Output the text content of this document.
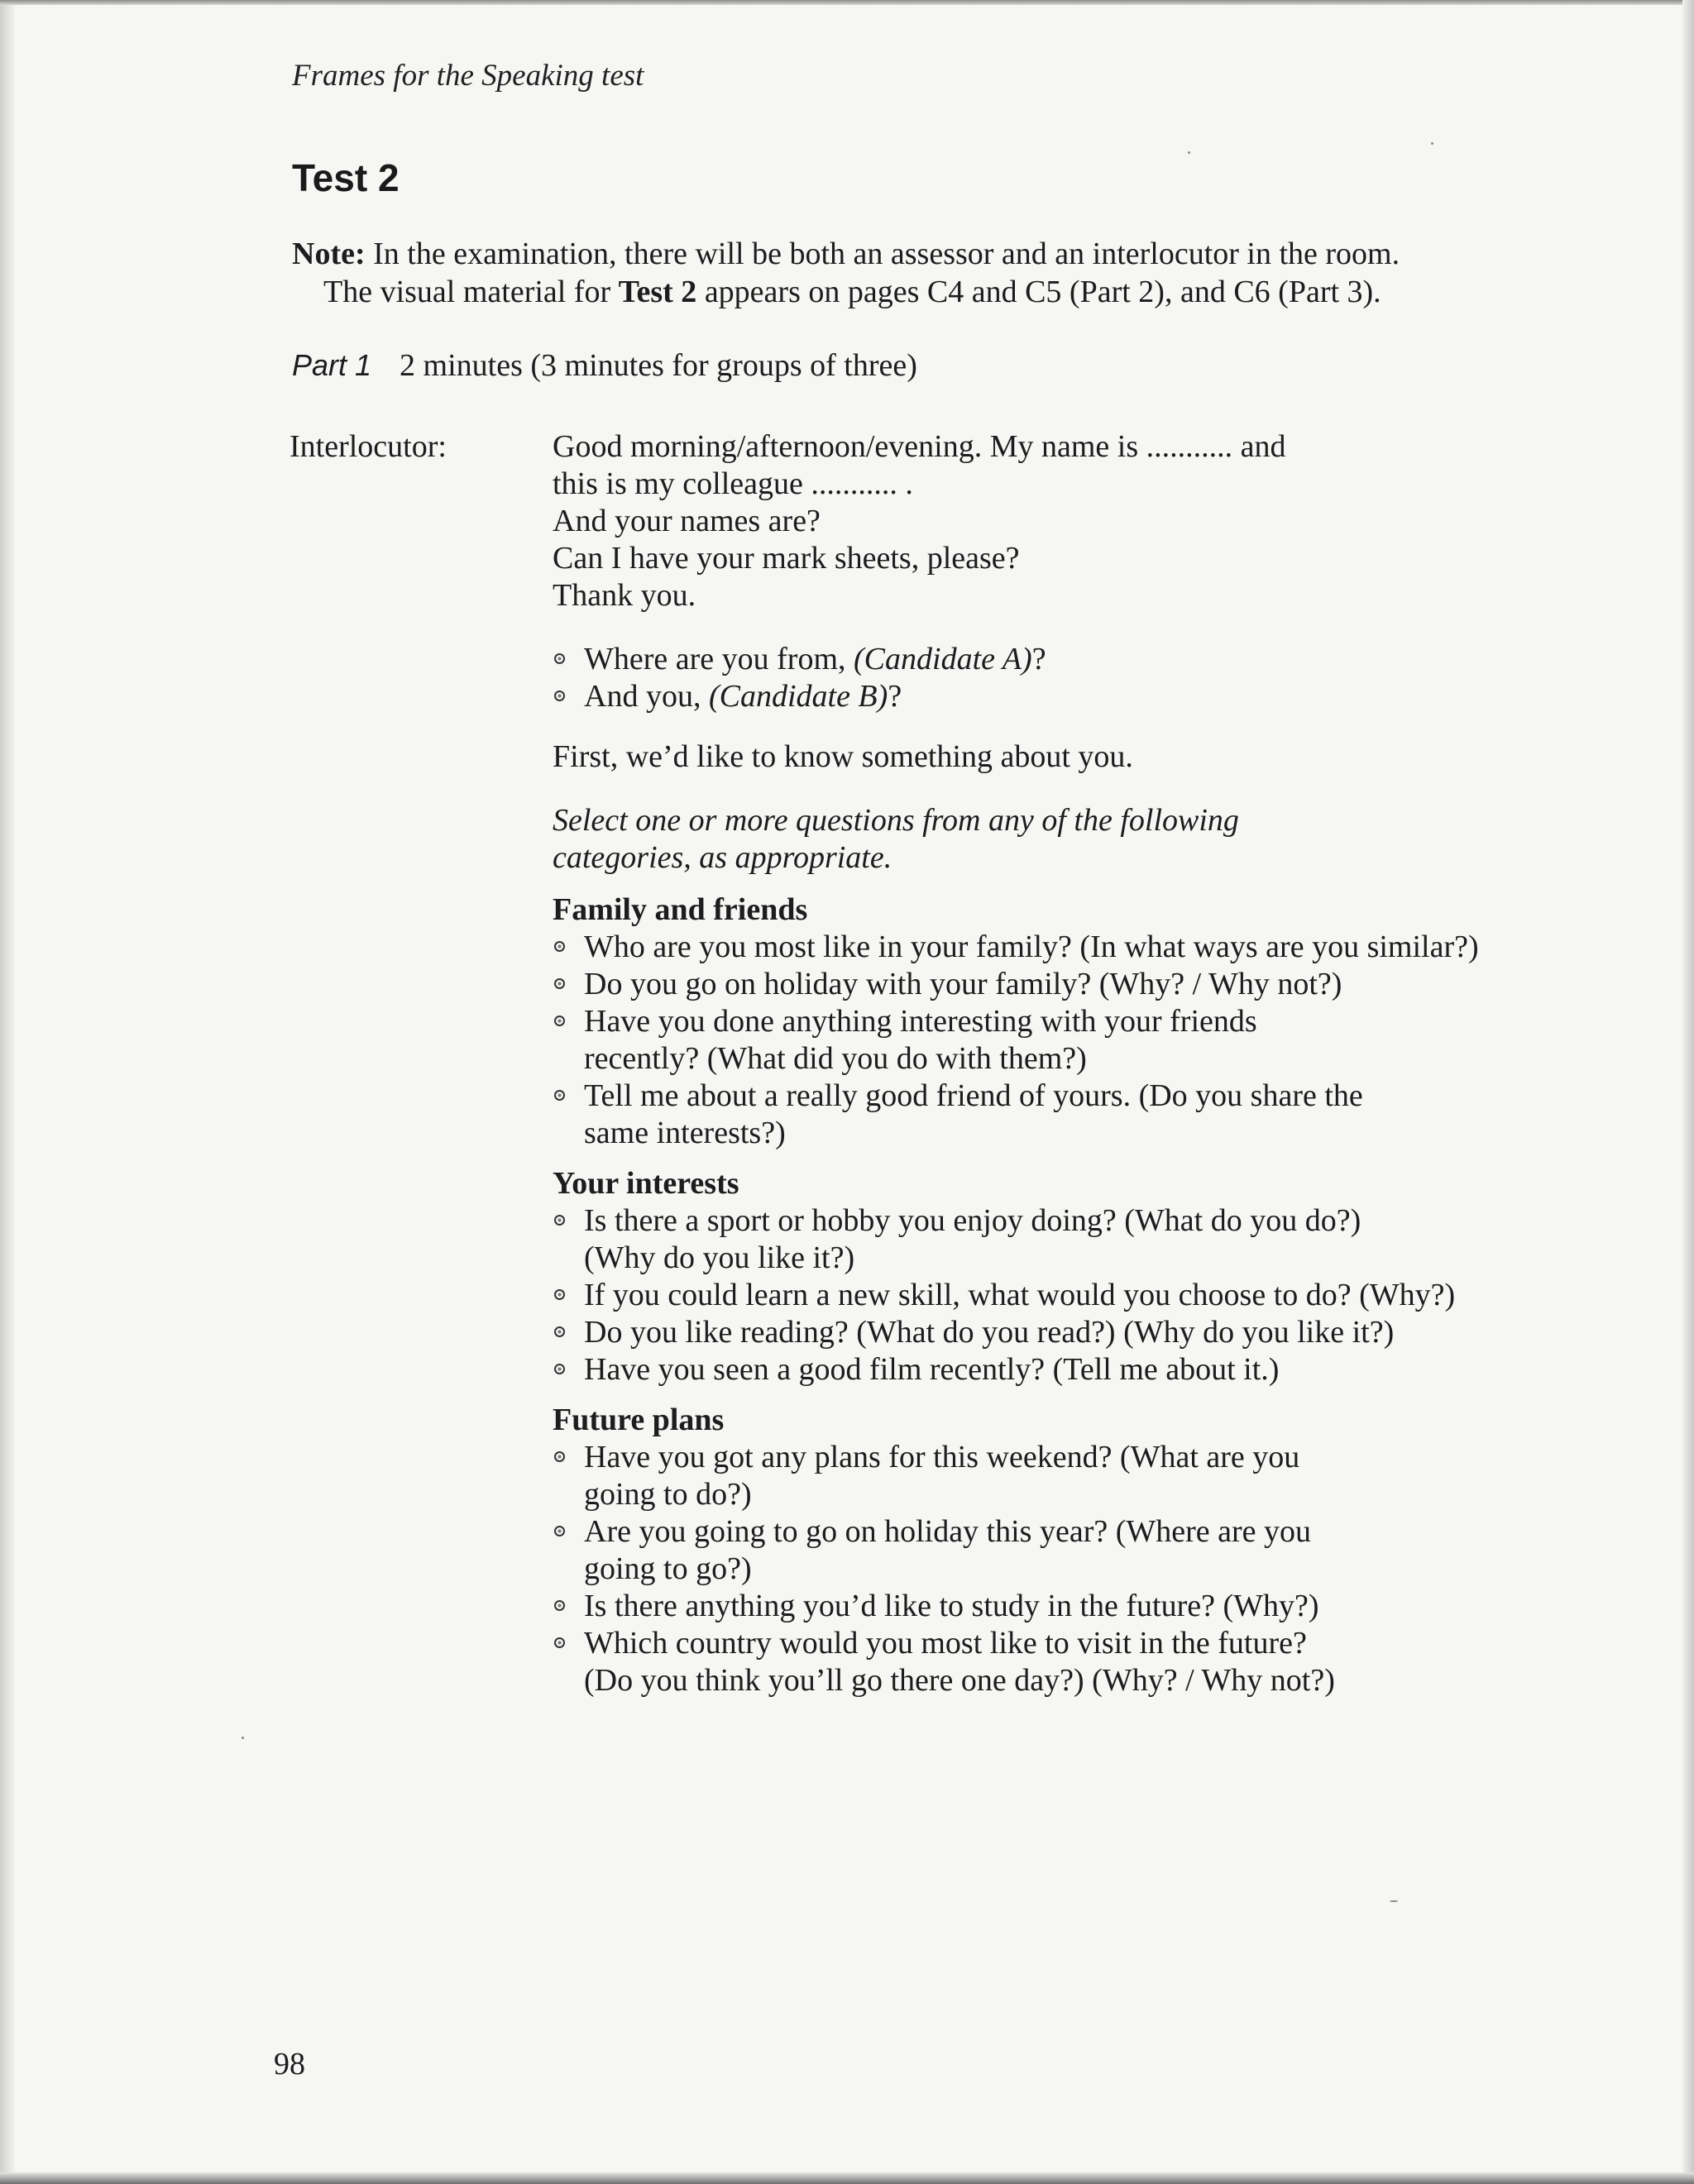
Frames for the Speaking test
Test 2
Note: In the examination, there will be both an assessor and an interlocutor in the room.
The visual material for Test 2 appears on pages C4 and C5 (Part 2), and C6 (Part 3).
Part 1 2 minutes (3 minutes for groups of three)
Interlocutor:	Good morning/afternoon/evening. My name is ........... and
this is my colleague ........... .
And your names are?
Can I have your mark sheets, please?
Thank you.
Where are you from, (Candidate A)?
And you, (Candidate B)?
First, we’d like to know something about you.
Select one or more questions from any of the following
categories, as appropriate.
Family and friends
Who are you most like in your family? (In what ways are you similar?)
Do you go on holiday with your family? (Why? / Why not?)
Have you done anything interesting with your friends
recently? (What did you do with them?)
Tell me about a really good friend of yours. (Do you share the
same interests?)
Your interests
Is there a sport or hobby you enjoy doing? (What do you do?)
(Why do you like it?)
If you could learn a new skill, what would you choose to do? (Why?)
Do you like reading? (What do you read?) (Why do you like it?)
Have you seen a good film recently? (Tell me about it.)
Future plans
Have you got any plans for this weekend? (What are you
going to do?)
Are you going to go on holiday this year? (Where are you
going to go?)
Is there anything you’d like to study in the future? (Why?)
Which country would you most like to visit in the future?
(Do you think you’ll go there one day?) (Why? / Why not?)
98
